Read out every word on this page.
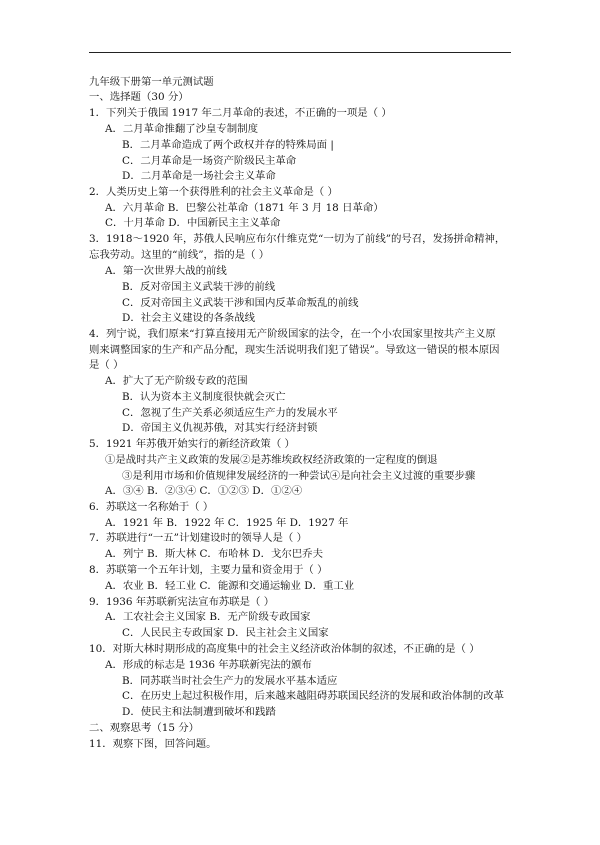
九年级下册第一单元测试题
一、选择题（30 分）
1．下列关于俄国 1917 年二月革命的表述，不正确的一项是（ ）
A．二月革命推翻了沙皇专制制度
B．二月革命造成了两个政权并存的特殊局面 |
C．二月革命是一场资产阶级民主革命
D．二月革命是一场社会主义革命
2．人类历史上第一个获得胜利的社会主义革命是（ ）
A．六月革命 B．巴黎公社革命（1871 年 3 月 18 日革命）
C．十月革命 D．中国新民主主义革命
3．1918～1920 年，苏俄人民响应布尔什维克党“一切为了前线”的号召，发扬拼命精神，
忘我劳动。这里的“前线”，指的是（ ）
A．第一次世界大战的前线
B．反对帝国主义武装干涉的前线
C．反对帝国主义武装干涉和国内反革命叛乱的前线
D．社会主义建设的各条战线
4．列宁说，我们原来“打算直接用无产阶级国家的法令，在一个小农国家里按共产主义原
则来调整国家的生产和产品分配，现实生活说明我们犯了错误”。导致这一错误的根本原因
是（ ）
A．扩大了无产阶级专政的范围
B．认为资本主义制度很快就会灭亡
C．忽视了生产关系必须适应生产力的发展水平
D．帝国主义仇视苏俄，对其实行经济封锁
5．1921 年苏俄开始实行的新经济政策（ ）
①是战时共产主义政策的发展②是苏维埃政权经济政策的一定程度的倒退
③是利用市场和价值规律发展经济的一种尝试④是向社会主义过渡的重要步骤
A．③④ B．②③④ C．①②③ D．①②④
6．苏联这一名称始于（ ）
A．1921 年 B．1922 年 C．1925 年 D．1927 年
7．苏联进行“一五”计划建设时的领导人是（ ）
A．列宁 B．斯大林 C．布哈林 D．戈尔巴乔夫
8．苏联第一个五年计划，主要力量和资金用于（ ）
A．农业 B．轻工业 C．能源和交通运输业 D．重工业
9．1936 年苏联新宪法宣布苏联是（ ）
A．工农社会主义国家 B．无产阶级专政国家
C．人民民主专政国家 D．民主社会主义国家
10．对斯大林时期形成的高度集中的社会主义经济政治体制的叙述，不正确的是（ ）
A．形成的标志是 1936 年苏联新宪法的颁布
B．同苏联当时社会生产力的发展水平基本适应
C．在历史上起过积极作用，后来越来越阻碍苏联国民经济的发展和政治体制的改革
D．使民主和法制遭到破坏和践踏
二、观察思考（15 分）
11．观察下图，回答问题。
